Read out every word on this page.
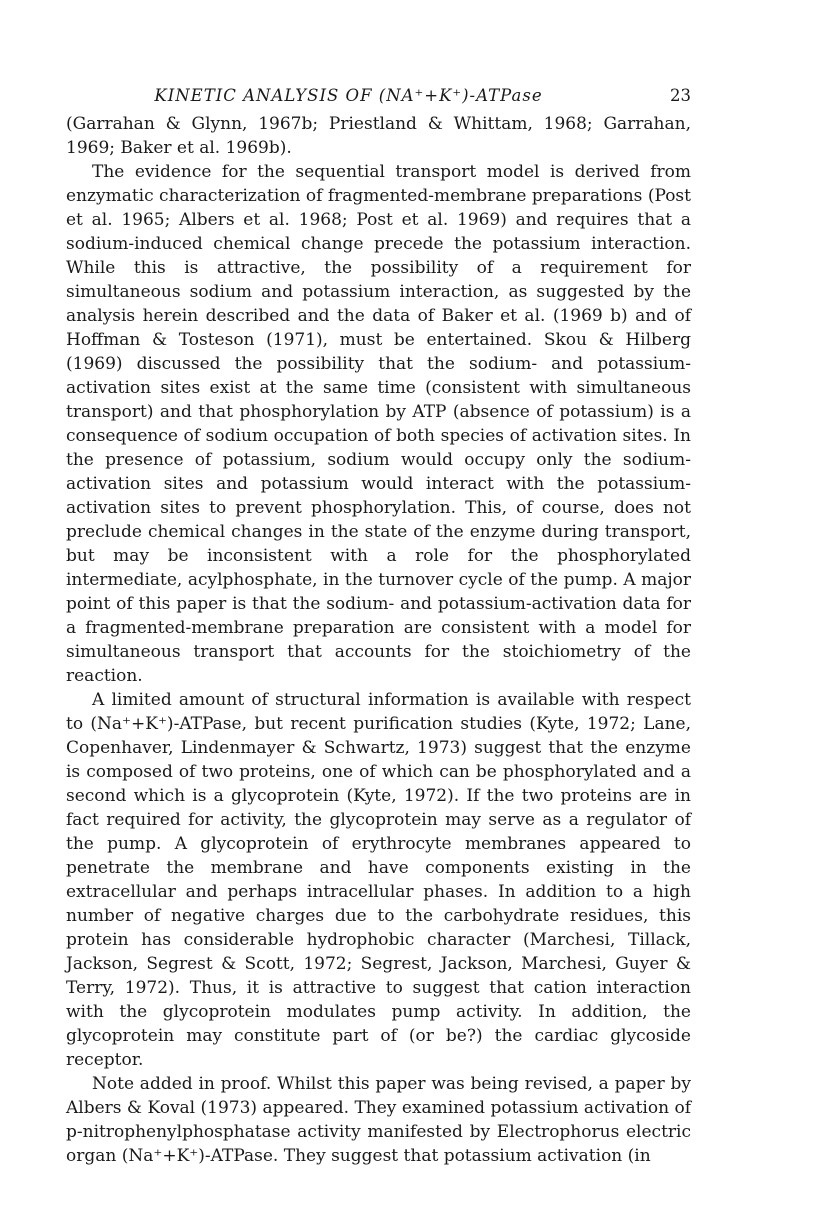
KINETIC ANALYSIS OF (NA⁺+K⁺)-ATPase	23

(Garrahan & Glynn, 1967b; Priestland & Whittam, 1968; Garrahan, 1969; Baker et al. 1969b).

The evidence for the sequential transport model is derived from enzymatic characterization of fragmented-membrane preparations (Post et al. 1965; Albers et al. 1968; Post et al. 1969) and requires that a sodium-induced chemical change precede the potassium interaction. While this is attractive, the possibility of a requirement for simultaneous sodium and potassium interaction, as suggested by the analysis herein described and the data of Baker et al. (1969 b) and of Hoffman & Tosteson (1971), must be entertained. Skou & Hilberg (1969) discussed the possibility that the sodium- and potassium-activation sites exist at the same time (consistent with simultaneous transport) and that phosphorylation by ATP (absence of potassium) is a consequence of sodium occupation of both species of activation sites. In the presence of potassium, sodium would occupy only the sodium-activation sites and potassium would interact with the potassium-activation sites to prevent phosphorylation. This, of course, does not preclude chemical changes in the state of the enzyme during transport, but may be inconsistent with a role for the phosphorylated intermediate, acylphosphate, in the turnover cycle of the pump. A major point of this paper is that the sodium- and potassium-activation data for a fragmented-membrane preparation are consistent with a model for simultaneous transport that accounts for the stoichiometry of the reaction.

A limited amount of structural information is available with respect to (Na⁺+K⁺)-ATPase, but recent purification studies (Kyte, 1972; Lane, Copenhaver, Lindenmayer & Schwartz, 1973) suggest that the enzyme is composed of two proteins, one of which can be phosphorylated and a second which is a glycoprotein (Kyte, 1972). If the two proteins are in fact required for activity, the glycoprotein may serve as a regulator of the pump. A glycoprotein of erythrocyte membranes appeared to penetrate the membrane and have components existing in the extracellular and perhaps intracellular phases. In addition to a high number of negative charges due to the carbohydrate residues, this protein has considerable hydrophobic character (Marchesi, Tillack, Jackson, Segrest & Scott, 1972; Segrest, Jackson, Marchesi, Guyer & Terry, 1972). Thus, it is attractive to suggest that cation interaction with the glycoprotein modulates pump activity. In addition, the glycoprotein may constitute part of (or be?) the cardiac glycoside receptor.

Note added in proof. Whilst this paper was being revised, a paper by Albers & Koval (1973) appeared. They examined potassium activation of p-nitrophenylphosphatase activity manifested by Electrophorus electric organ (Na⁺+K⁺)-ATPase. They suggest that potassium activation (in
